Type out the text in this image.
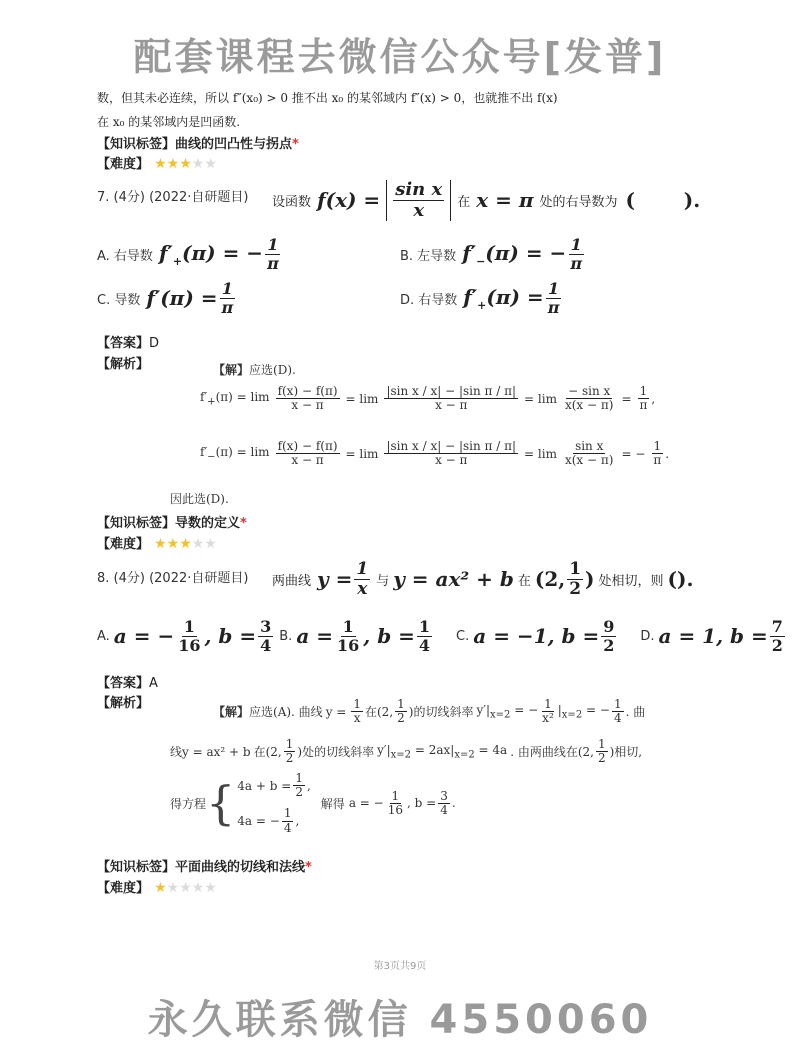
配套课程去微信公众号[发普]
数，但其未必连续，所以 f″(x₀) > 0 推不出 x₀ 的某邻域内 f″(x) > 0，也就推不出 f(x)
在 x₀ 的某邻域内是凹函数.
【知识标签】曲线的凹凸性与拐点*
【难度】 ★★★★★
7. (4分) (2022·自研题目) 设函数 $f(x) = \frac{\text{sin x}}{x}$ 在 x = π 处的右导数为 (       ).
A. 右导数 $f'_+(\pi)$ = − $\frac{1}{\pi}$	B. 左导数 $f'_-(\pi)$ = − $\frac{1}{\pi}$
C. 导数 $f'(\pi) = \frac{1}{\pi}$	D. 右导数 $f'_+(\pi) = \frac{1}{\pi}$
【答案】D
【解析】	【解】应选(D).
$f'_+(\pi) = \lim \frac{f(x) - f(\pi)}{x - \pi} = \lim \frac{\text{|sin x / x| − |sin π / π|}}{x - \pi} = \lim \frac{\text{− sin x}}{x(x - \pi)} = \frac{1}{\pi}$ ,
$f'_-(\pi) = \lim \frac{f(x) - f(\pi)}{x - \pi} = \lim \frac{\text{|sin x / x| − |sin π / π|}}{x - \pi} = \lim \frac{\text{sin x}}{x(x - \pi)}$ = − $\frac{1}{\pi}$ .
因此选(D).
【知识标签】导数的定义*
【难度】 ★★★★★
8. (4分) (2022·自研题目) 两曲线 $y = \frac{1}{x}$ 与 y = ax² + b 在 (2, $\frac{1}{2}$ ) 处相切，则 ().
A. a = − $\frac{1}{16}$ , $b = \frac{3}{4} B$. $a = \frac{1}{16}$ , $b = \frac{1}{4} C$. a = −1, $b = \frac{9}{2} D$. a = 1, $b = \frac{7}{2}$
【答案】A
【解析】
【解】 应选(A). 曲线 $y = \frac{1}{x}$ 在 (2, $\frac{1}{2}$ ) 的切线斜率 $y'|_{x=2}$ = − $\frac{1}{\text{x²}} |_{x=2}$ = − $\frac{1}{4}$ . 曲
线 y = ax² + b 在 (2, $\frac{1}{2}$ ) 处的切线斜率 $y'|_{x=2} = 2ax|_{x=2} = 4a$ . 由两曲线在 (2, $\frac{1}{2}$ ) 相切,
得方程 { $4a + b = \frac{1}{2}$ ,
4a = − $\frac{1}{4}$ ,
解得 a = − $\frac{1}{16}$ , $b = \frac{3}{4}$ .
【知识标签】平面曲线的切线和法线*
【难度】 ★★★★★
第3页共9页
永久联系微信 4550060
